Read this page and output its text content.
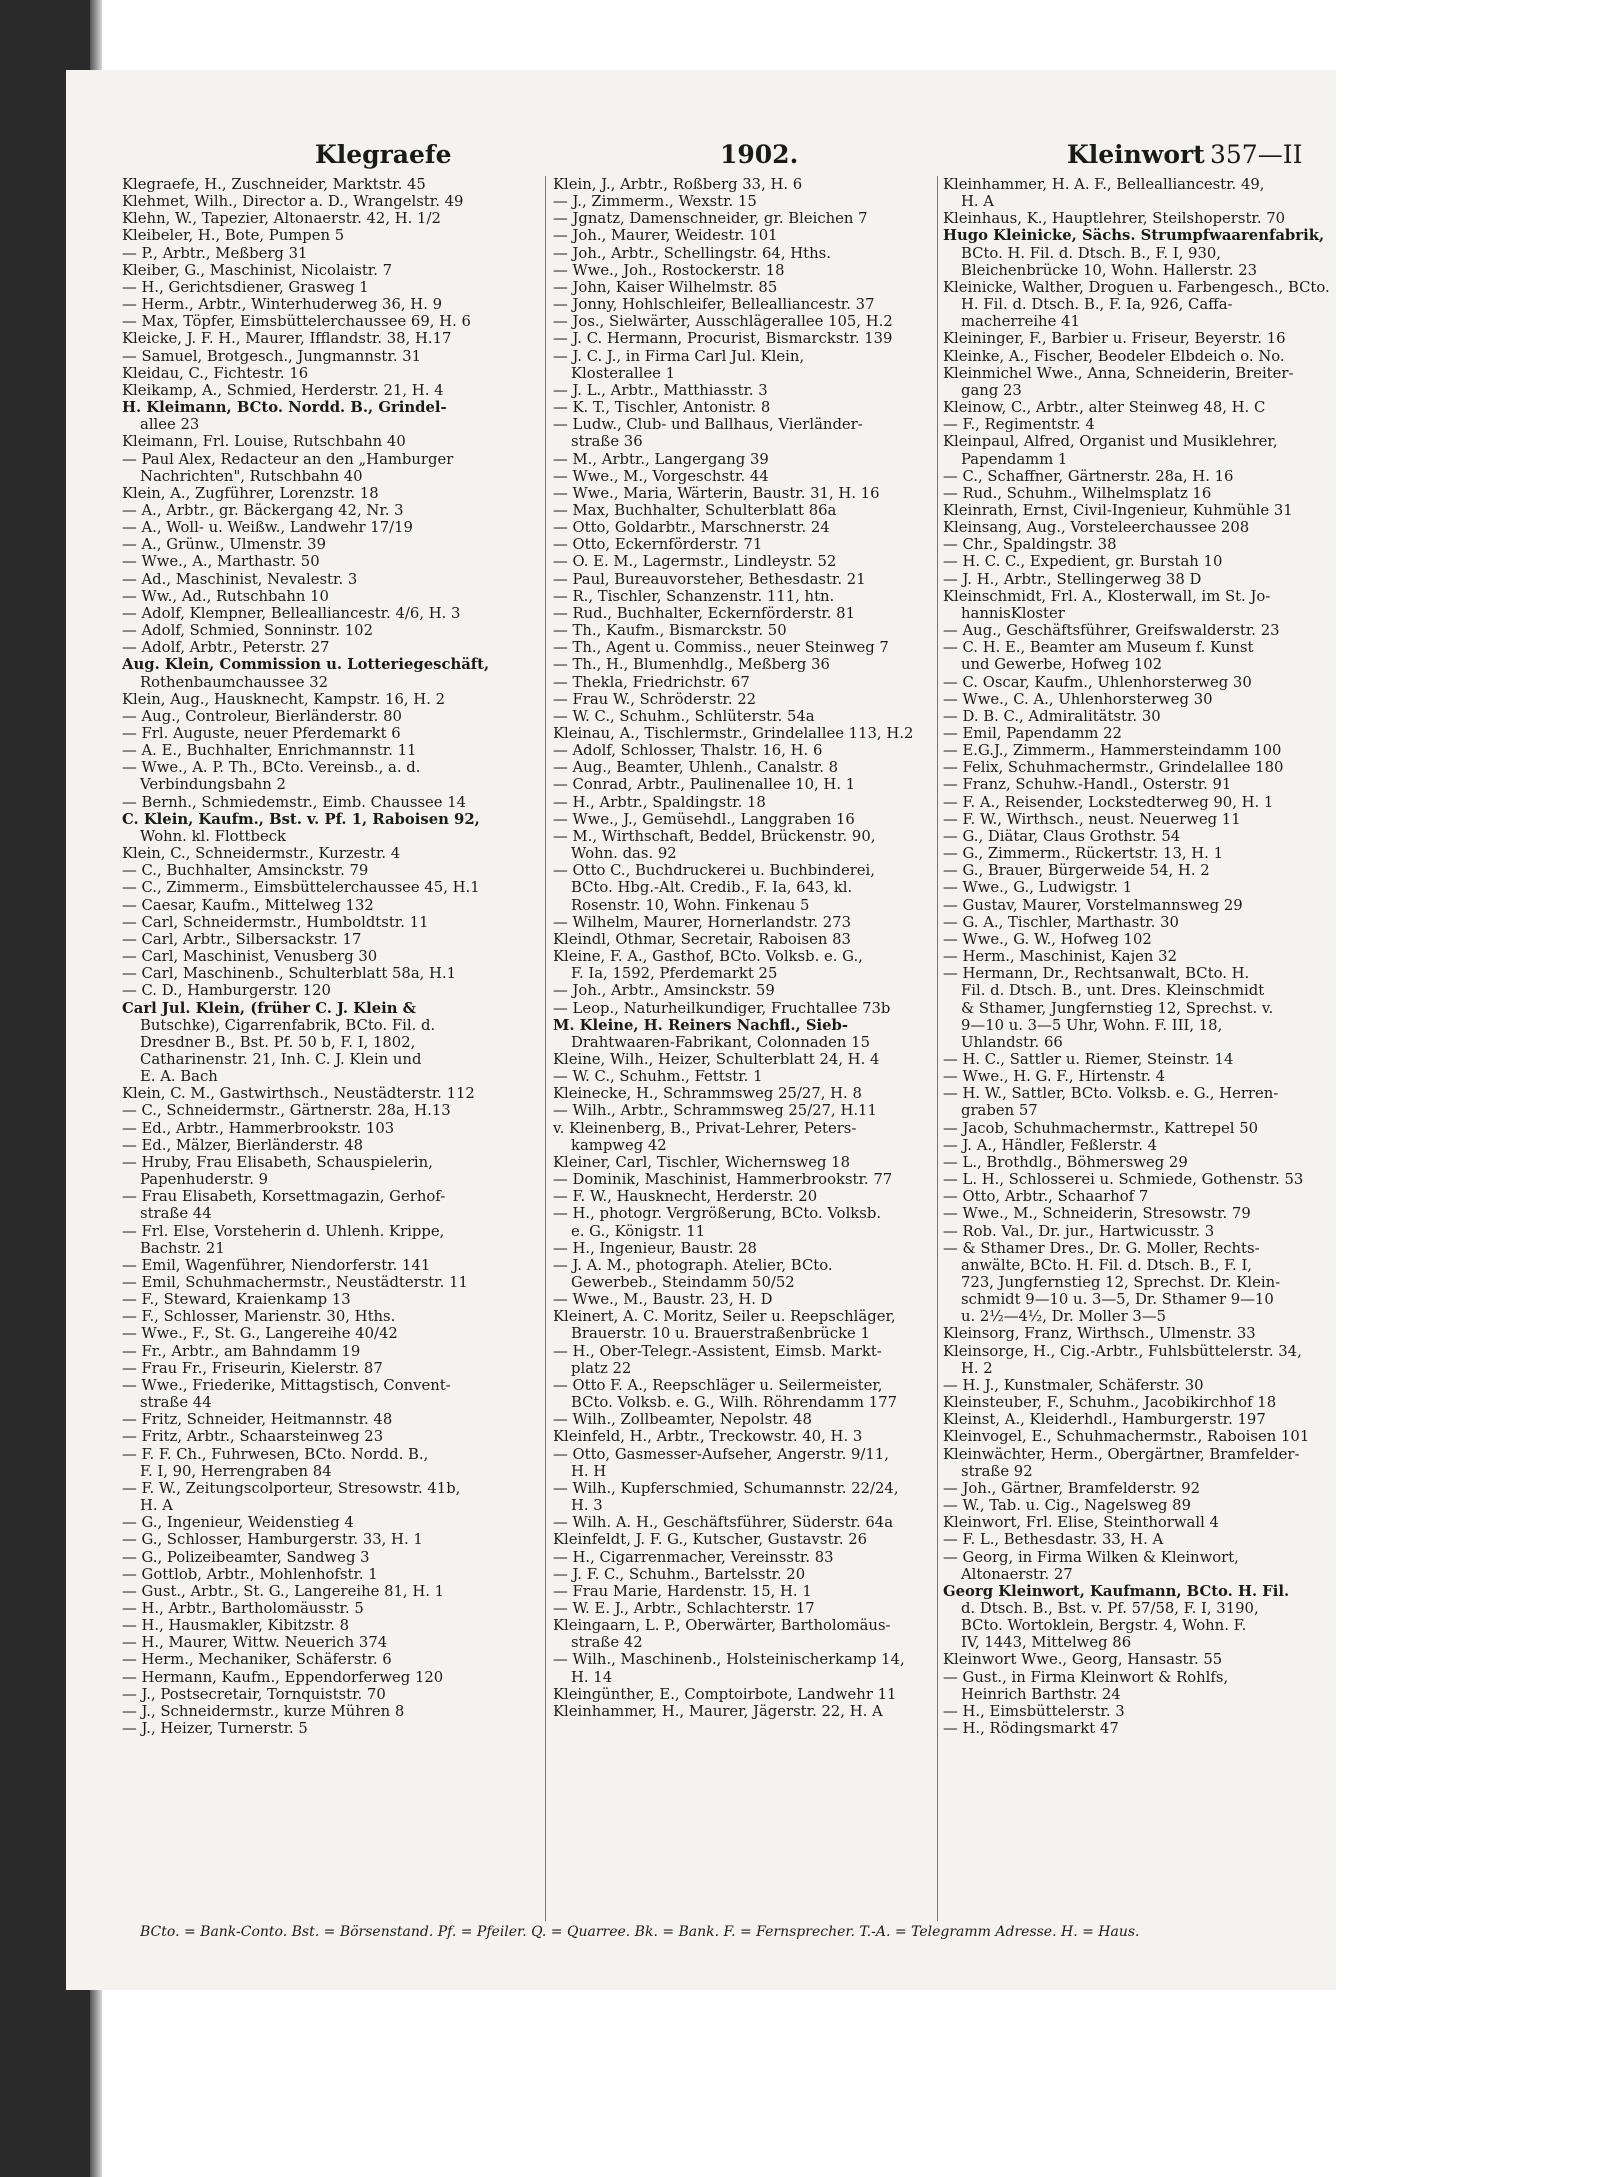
Klegraefe	1902.	Kleinwort 357—II
Klegraefe, H., Zuschneider, Marktstr. 45
Klehmet, Wilh., Director a. D., Wrangelstr. 49
Klehn, W., Tapezier, Altonaerstr. 42, H. 1/2
Kleibeler, H., Bote, Pumpen 5
— P., Arbtr., Meßberg 31
Kleiber, G., Maschinist, Nicolaistr. 7
— H., Gerichtsdiener, Grasweg 1
— Herm., Arbtr., Winterhuderweg 36, H. 9
— Max, Töpfer, Eimsbüttelerchaussee 69, H. 6
Kleicke, J. F. H., Maurer, Ifflandstr. 38, H.17
— Samuel, Brotgesch., Jungmannstr. 31
Kleidau, C., Fichtestr. 16
Kleikamp, A., Schmied, Herderstr. 21, H. 4
H. Kleimann, BCto. Nordd. B., Grindel-
allee 23
Kleimann, Frl. Louise, Rutschbahn 40
— Paul Alex, Redacteur an den „Hamburger
Nachrichten", Rutschbahn 40
Klein, A., Zugführer, Lorenzstr. 18
— A., Arbtr., gr. Bäckergang 42, Nr. 3
— A., Woll- u. Weißw., Landwehr 17/19
— A., Grünw., Ulmenstr. 39
— Wwe., A., Marthastr. 50
— Ad., Maschinist, Nevalestr. 3
— Ww., Ad., Rutschbahn 10
— Adolf, Klempner, Bellealliancestr. 4/6, H. 3
— Adolf, Schmied, Sonninstr. 102
— Adolf, Arbtr., Peterstr. 27
Aug. Klein, Commission u. Lotteriegeschäft,
Rothenbaumchaussee 32
Klein, Aug., Hausknecht, Kampstr. 16, H. 2
— Aug., Controleur, Bierländerstr. 80
— Frl. Auguste, neuer Pferdemarkt 6
— A. E., Buchhalter, Enrichmannstr. 11
— Wwe., A. P. Th., BCto. Vereinsb., a. d.
Verbindungsbahn 2
— Bernh., Schmiedemstr., Eimb. Chaussee 14
C. Klein, Kaufm., Bst. v. Pf. 1, Raboisen 92,
Wohn. kl. Flottbeck
Klein, C., Schneidermstr., Kurzestr. 4
— C., Buchhalter, Amsinckstr. 79
— C., Zimmerm., Eimsbüttelerchaussee 45, H.1
— Caesar, Kaufm., Mittelweg 132
— Carl, Schneidermstr., Humboldtstr. 11
— Carl, Arbtr., Silbersackstr. 17
— Carl, Maschinist, Venusberg 30
— Carl, Maschinenb., Schulterblatt 58a, H.1
— C. D., Hamburgerstr. 120
Carl Jul. Klein, (früher C. J. Klein &
Butschke), Cigarrenfabrik, BCto. Fil. d.
Dresdner B., Bst. Pf. 50 b, F. I, 1802,
Catharinenstr. 21, Inh. C. J. Klein und
E. A. Bach
Klein, C. M., Gastwirthsch., Neustädterstr. 112
— C., Schneidermstr., Gärtnerstr. 28a, H.13
— Ed., Arbtr., Hammerbrookstr. 103
— Ed., Mälzer, Bierländerstr. 48
— Hruby, Frau Elisabeth, Schauspielerin,
Papenhuderstr. 9
— Frau Elisabeth, Korsettmagazin, Gerhof-
straße 44
— Frl. Else, Vorsteherin d. Uhlenh. Krippe,
Bachstr. 21
— Emil, Wagenführer, Niendorferstr. 141
— Emil, Schuhmachermstr., Neustädterstr. 11
— F., Steward, Kraienkamp 13
— F., Schlosser, Marienstr. 30, Hths.
— Wwe., F., St. G., Langereihe 40/42
— Fr., Arbtr., am Bahndamm 19
— Frau Fr., Friseurin, Kielerstr. 87
— Wwe., Friederike, Mittagstisch, Convent-
straße 44
— Fritz, Schneider, Heitmannstr. 48
— Fritz, Arbtr., Schaarsteinweg 23
— F. F. Ch., Fuhrwesen, BCto. Nordd. B.,
F. I, 90, Herrengraben 84
— F. W., Zeitungscolporteur, Stresowstr. 41b,
H. A
— G., Ingenieur, Weidenstieg 4
— G., Schlosser, Hamburgerstr. 33, H. 1
— G., Polizeibeamter, Sandweg 3
— Gottlob, Arbtr., Mohlenhofstr. 1
— Gust., Arbtr., St. G., Langereihe 81, H. 1
— H., Arbtr., Bartholomäusstr. 5
— H., Hausmakler, Kibitzstr. 8
— H., Maurer, Wittw. Neuerich 374
— Herm., Mechaniker, Schäferstr. 6
— Hermann, Kaufm., Eppendorferweg 120
— J., Postsecretair, Tornquiststr. 70
— J., Schneidermstr., kurze Mühren 8
— J., Heizer, Turnerstr. 5
Klein, J., Arbtr., Roßberg 33, H. 6
— J., Zimmerm., Wexstr. 15
— Jgnatz, Damenschneider, gr. Bleichen 7
— Joh., Maurer, Weidestr. 101
— Joh., Arbtr., Schellingstr. 64, Hths.
— Wwe., Joh., Rostockerstr. 18
— John, Kaiser Wilhelmstr. 85
— Jonny, Hohlschleifer, Bellealliancestr. 37
— Jos., Sielwärter, Ausschlägerallee 105, H.2
— J. C. Hermann, Procurist, Bismarckstr. 139
— J. C. J., in Firma Carl Jul. Klein,
Klosterallee 1
— J. L., Arbtr., Matthiasstr. 3
— K. T., Tischler, Antonistr. 8
— Ludw., Club- und Ballhaus, Vierländer-
straße 36
— M., Arbtr., Langergang 39
— Wwe., M., Vorgeschstr. 44
— Wwe., Maria, Wärterin, Baustr. 31, H. 16
— Max, Buchhalter, Schulterblatt 86a
— Otto, Goldarbtr., Marschnerstr. 24
— Otto, Eckernförderstr. 71
— O. E. M., Lagermstr., Lindleystr. 52
— Paul, Bureauvorsteher, Bethesdastr. 21
— R., Tischler, Schanzenstr. 111, htn.
— Rud., Buchhalter, Eckernförderstr. 81
— Th., Kaufm., Bismarckstr. 50
— Th., Agent u. Commiss., neuer Steinweg 7
— Th., H., Blumenhdlg., Meßberg 36
— Thekla, Friedrichstr. 67
— Frau W., Schröderstr. 22
— W. C., Schuhm., Schlüterstr. 54a
Kleinau, A., Tischlermstr., Grindelallee 113, H.2
— Adolf, Schlosser, Thalstr. 16, H. 6
— Aug., Beamter, Uhlenh., Canalstr. 8
— Conrad, Arbtr., Paulinenallee 10, H. 1
— H., Arbtr., Spaldingstr. 18
— Wwe., J., Gemüsehdl., Langgraben 16
— M., Wirthschaft, Beddel, Brückenstr. 90,
Wohn. das. 92
— Otto C., Buchdruckerei u. Buchbinderei,
BCto. Hbg.-Alt. Credib., F. Ia, 643, kl.
Rosenstr. 10, Wohn. Finkenau 5
— Wilhelm, Maurer, Hornerlandstr. 273
Kleindl, Othmar, Secretair, Raboisen 83
Kleine, F. A., Gasthof, BCto. Volksb. e. G.,
F. Ia, 1592, Pferdemarkt 25
— Joh., Arbtr., Amsinckstr. 59
— Leop., Naturheilkundiger, Fruchtallee 73b
M. Kleine, H. Reiners Nachfl., Sieb-
Drahtwaaren-Fabrikant, Colonnaden 15
Kleine, Wilh., Heizer, Schulterblatt 24, H. 4
— W. C., Schuhm., Fettstr. 1
Kleinecke, H., Schrammsweg 25/27, H. 8
— Wilh., Arbtr., Schrammsweg 25/27, H.11
v. Kleinenberg, B., Privat-Lehrer, Peters-
kampweg 42
Kleiner, Carl, Tischler, Wichernsweg 18
— Dominik, Maschinist, Hammerbrookstr. 77
— F. W., Hausknecht, Herderstr. 20
— H., photogr. Vergrößerung, BCto. Volksb.
e. G., Königstr. 11
— H., Ingenieur, Baustr. 28
— J. A. M., photograph. Atelier, BCto.
Gewerbeb., Steindamm 50/52
— Wwe., M., Baustr. 23, H. D
Kleinert, A. C. Moritz, Seiler u. Reepschläger,
Brauerstr. 10 u. Brauerstraßenbrücke 1
— H., Ober-Telegr.-Assistent, Eimsb. Markt-
platz 22
— Otto F. A., Reepschläger u. Seilermeister,
BCto. Volksb. e. G., Wilh. Röhrendamm 177
— Wilh., Zollbeamter, Nepolstr. 48
Kleinfeld, H., Arbtr., Treckowstr. 40, H. 3
— Otto, Gasmesser-Aufseher, Angerstr. 9/11,
H. H
— Wilh., Kupferschmied, Schumannstr. 22/24,
H. 3
— Wilh. A. H., Geschäftsführer, Süderstr. 64a
Kleinfeldt, J. F. G., Kutscher, Gustavstr. 26
— H., Cigarrenmacher, Vereinsstr. 83
— J. F. C., Schuhm., Bartelsstr. 20
— Frau Marie, Hardenstr. 15, H. 1
— W. E. J., Arbtr., Schlachterstr. 17
Kleingaarn, L. P., Oberwärter, Bartholomäus-
straße 42
— Wilh., Maschinenb., Holsteinischerkamp 14,
H. 14
Kleingünther, E., Comptoirbote, Landwehr 11
Kleinhammer, H., Maurer, Jägerstr. 22, H. A
Kleinhammer, H. A. F., Bellealliancestr. 49,
H. A
Kleinhaus, K., Hauptlehrer, Steilshoperstr. 70
Hugo Kleinicke, Sächs. Strumpfwaarenfabrik,
BCto. H. Fil. d. Dtsch. B., F. I, 930,
Bleichenbrücke 10, Wohn. Hallerstr. 23
Kleinicke, Walther, Droguen u. Farbengesch., BCto.
H. Fil. d. Dtsch. B., F. Ia, 926, Caffa-
macherreihe 41
Kleininger, F., Barbier u. Friseur, Beyerstr. 16
Kleinke, A., Fischer, Beodeler Elbdeich o. No.
Kleinmichel Wwe., Anna, Schneiderin, Breiter-
gang 23
Kleinow, C., Arbtr., alter Steinweg 48, H. C
— F., Regimentstr. 4
Kleinpaul, Alfred, Organist und Musiklehrer,
Papendamm 1
— C., Schaffner, Gärtnerstr. 28a, H. 16
— Rud., Schuhm., Wilhelmsplatz 16
Kleinrath, Ernst, Civil-Ingenieur, Kuhmühle 31
Kleinsang, Aug., Vorsteleerchaussee 208
— Chr., Spaldingstr. 38
— H. C. C., Expedient, gr. Burstah 10
— J. H., Arbtr., Stellingerweg 38 D
Kleinschmidt, Frl. A., Klosterwall, im St. Jo-
hannisKloster
— Aug., Geschäftsführer, Greifswalderstr. 23
— C. H. E., Beamter am Museum f. Kunst
und Gewerbe, Hofweg 102
— C. Oscar, Kaufm., Uhlenhorsterweg 30
— Wwe., C. A., Uhlenhorsterweg 30
— D. B. C., Admiralitätstr. 30
— Emil, Papendamm 22
— E.G.J., Zimmerm., Hammersteindamm 100
— Felix, Schuhmachermstr., Grindelallee 180
— Franz, Schuhw.-Handl., Osterstr. 91
— F. A., Reisender, Lockstedterweg 90, H. 1
— F. W., Wirthsch., neust. Neuerweg 11
— G., Diätar, Claus Grothstr. 54
— G., Zimmerm., Rückertstr. 13, H. 1
— G., Brauer, Bürgerweide 54, H. 2
— Wwe., G., Ludwigstr. 1
— Gustav, Maurer, Vorstelmannsweg 29
— G. A., Tischler, Marthastr. 30
— Wwe., G. W., Hofweg 102
— Herm., Maschinist, Kajen 32
— Hermann, Dr., Rechtsanwalt, BCto. H.
Fil. d. Dtsch. B., unt. Dres. Kleinschmidt
& Sthamer, Jungfernstieg 12, Sprechst. v.
9—10 u. 3—5 Uhr, Wohn. F. III, 18,
Uhlandstr. 66
— H. C., Sattler u. Riemer, Steinstr. 14
— Wwe., H. G. F., Hirtenstr. 4
— H. W., Sattler, BCto. Volksb. e. G., Herren-
graben 57
— Jacob, Schuhmachermstr., Kattrepel 50
— J. A., Händler, Feßlerstr. 4
— L., Brothdlg., Böhmersweg 29
— L. H., Schlosserei u. Schmiede, Gothenstr. 53
— Otto, Arbtr., Schaarhof 7
— Wwe., M., Schneiderin, Stresowstr. 79
— Rob. Val., Dr. jur., Hartwicusstr. 3
— & Sthamer Dres., Dr. G. Moller, Rechts-
anwälte, BCto. H. Fil. d. Dtsch. B., F. I,
723, Jungfernstieg 12, Sprechst. Dr. Klein-
schmidt 9—10 u. 3—5, Dr. Sthamer 9—10
u. 2½—4½, Dr. Moller 3—5
Kleinsorg, Franz, Wirthsch., Ulmenstr. 33
Kleinsorge, H., Cig.-Arbtr., Fuhlsbüttelerstr. 34,
H. 2
— H. J., Kunstmaler, Schäferstr. 30
Kleinsteuber, F., Schuhm., Jacobikirchhof 18
Kleinst, A., Kleiderhdl., Hamburgerstr. 197
Kleinvogel, E., Schuhmachermstr., Raboisen 101
Kleinwächter, Herm., Obergärtner, Bramfelder-
straße 92
— Joh., Gärtner, Bramfelderstr. 92
— W., Tab. u. Cig., Nagelsweg 89
Kleinwort, Frl. Elise, Steinthorwall 4
— F. L., Bethesdastr. 33, H. A
— Georg, in Firma Wilken & Kleinwort,
Altonaerstr. 27
Georg Kleinwort, Kaufmann, BCto. H. Fil.
d. Dtsch. B., Bst. v. Pf. 57/58, F. I, 3190,
BCto. Wortoklein, Bergstr. 4, Wohn. F.
IV, 1443, Mittelweg 86
Kleinwort Wwe., Georg, Hansastr. 55
— Gust., in Firma Kleinwort & Rohlfs,
Heinrich Barthstr. 24
— H., Eimsbüttelerstr. 3
— H., Rödingsmarkt 47
BCto. = Bank-Conto. Bst. = Börsenstand. Pf. = Pfeiler. Q. = Quarree. Bk. = Bank. F. = Fernsprecher. T.-A. = Telegramm Adresse. H. = Haus.
